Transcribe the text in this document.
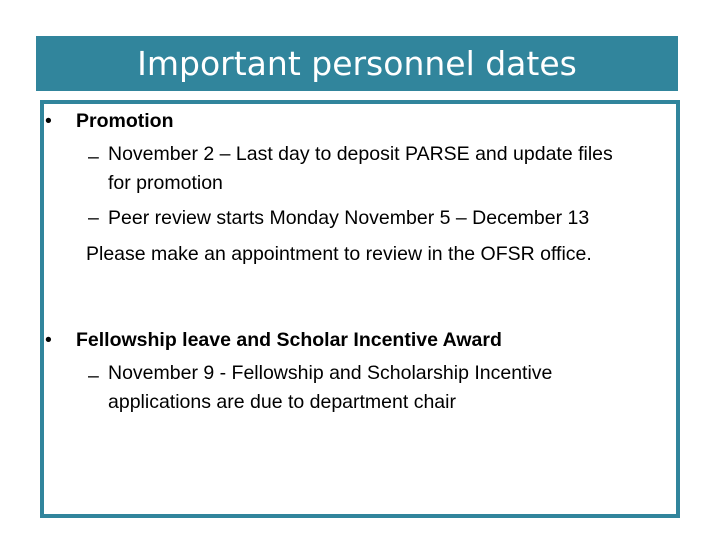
Important personnel dates
• Promotion
– November 2 – Last day to deposit PARSE and update files
for promotion
– Peer review starts Monday November 5 – December 13
Please make an appointment to review in the OFSR office.
• Fellowship leave and Scholar Incentive Award
– November 9 - Fellowship and Scholarship Incentive
applications are due to department chair
